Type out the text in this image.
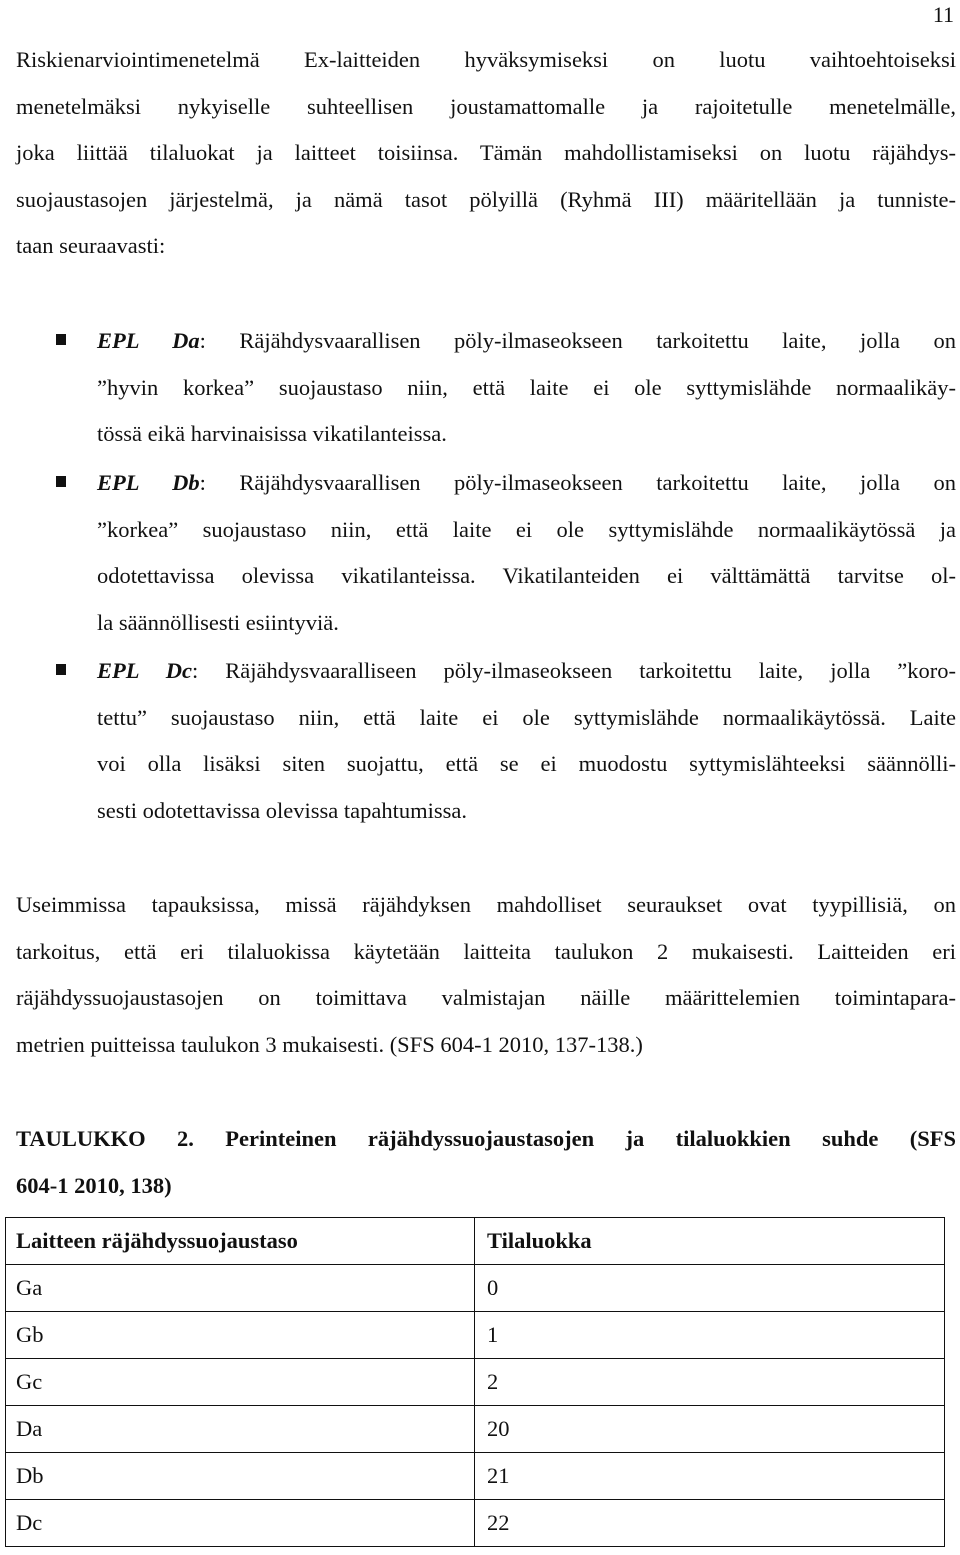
11
Riskienarviointimenetelmä Ex-laitteiden hyväksymiseksi on luotu vaihtoehtoiseksi
menetelmäksi nykyiselle suhteellisen joustamattomalle ja rajoitetulle menetelmälle,
joka liittää tilaluokat ja laitteet toisiinsa. Tämän mahdollistamiseksi on luotu räjähdys-
suojaustasojen järjestelmä, ja nämä tasot pölyillä (Ryhmä III) määritellään ja tunniste-
taan seuraavasti:
EPL Da: Räjähdysvaarallisen pöly-ilmaseokseen tarkoitettu laite, jolla on
”hyvin korkea” suojaustaso niin, että laite ei ole syttymislähde normaalikäy-
tössä eikä harvinaisissa vikatilanteissa.
EPL Db: Räjähdysvaarallisen pöly-ilmaseokseen tarkoitettu laite, jolla on
”korkea” suojaustaso niin, että laite ei ole syttymislähde normaalikäytössä ja
odotettavissa olevissa vikatilanteissa. Vikatilanteiden ei välttämättä tarvitse ol-
la säännöllisesti esiintyviä.
EPL Dc: Räjähdysvaaralliseen pöly-ilmaseokseen tarkoitettu laite, jolla ”koro-
tettu” suojaustaso niin, että laite ei ole syttymislähde normaalikäytössä. Laite
voi olla lisäksi siten suojattu, että se ei muodostu syttymislähteeksi säännölli-
sesti odotettavissa olevissa tapahtumissa.
Useimmissa tapauksissa, missä räjähdyksen mahdolliset seuraukset ovat tyypillisiä, on
tarkoitus, että eri tilaluokissa käytetään laitteita taulukon 2 mukaisesti. Laitteiden eri
räjähdyssuojaustasojen on toimittava valmistajan näille määrittelemien toimintapara-
metrien puitteissa taulukon 3 mukaisesti. (SFS 604-1 2010, 137-138.)
TAULUKKO 2. Perinteinen räjähdyssuojaustasojen ja tilaluokkien suhde (SFS
604-1 2010, 138)
Laitteen räjähdyssuojaustaso	Tilaluokka
Ga	0
Gb	1
Gc	2
Da	20
Db	21
Dc	22
